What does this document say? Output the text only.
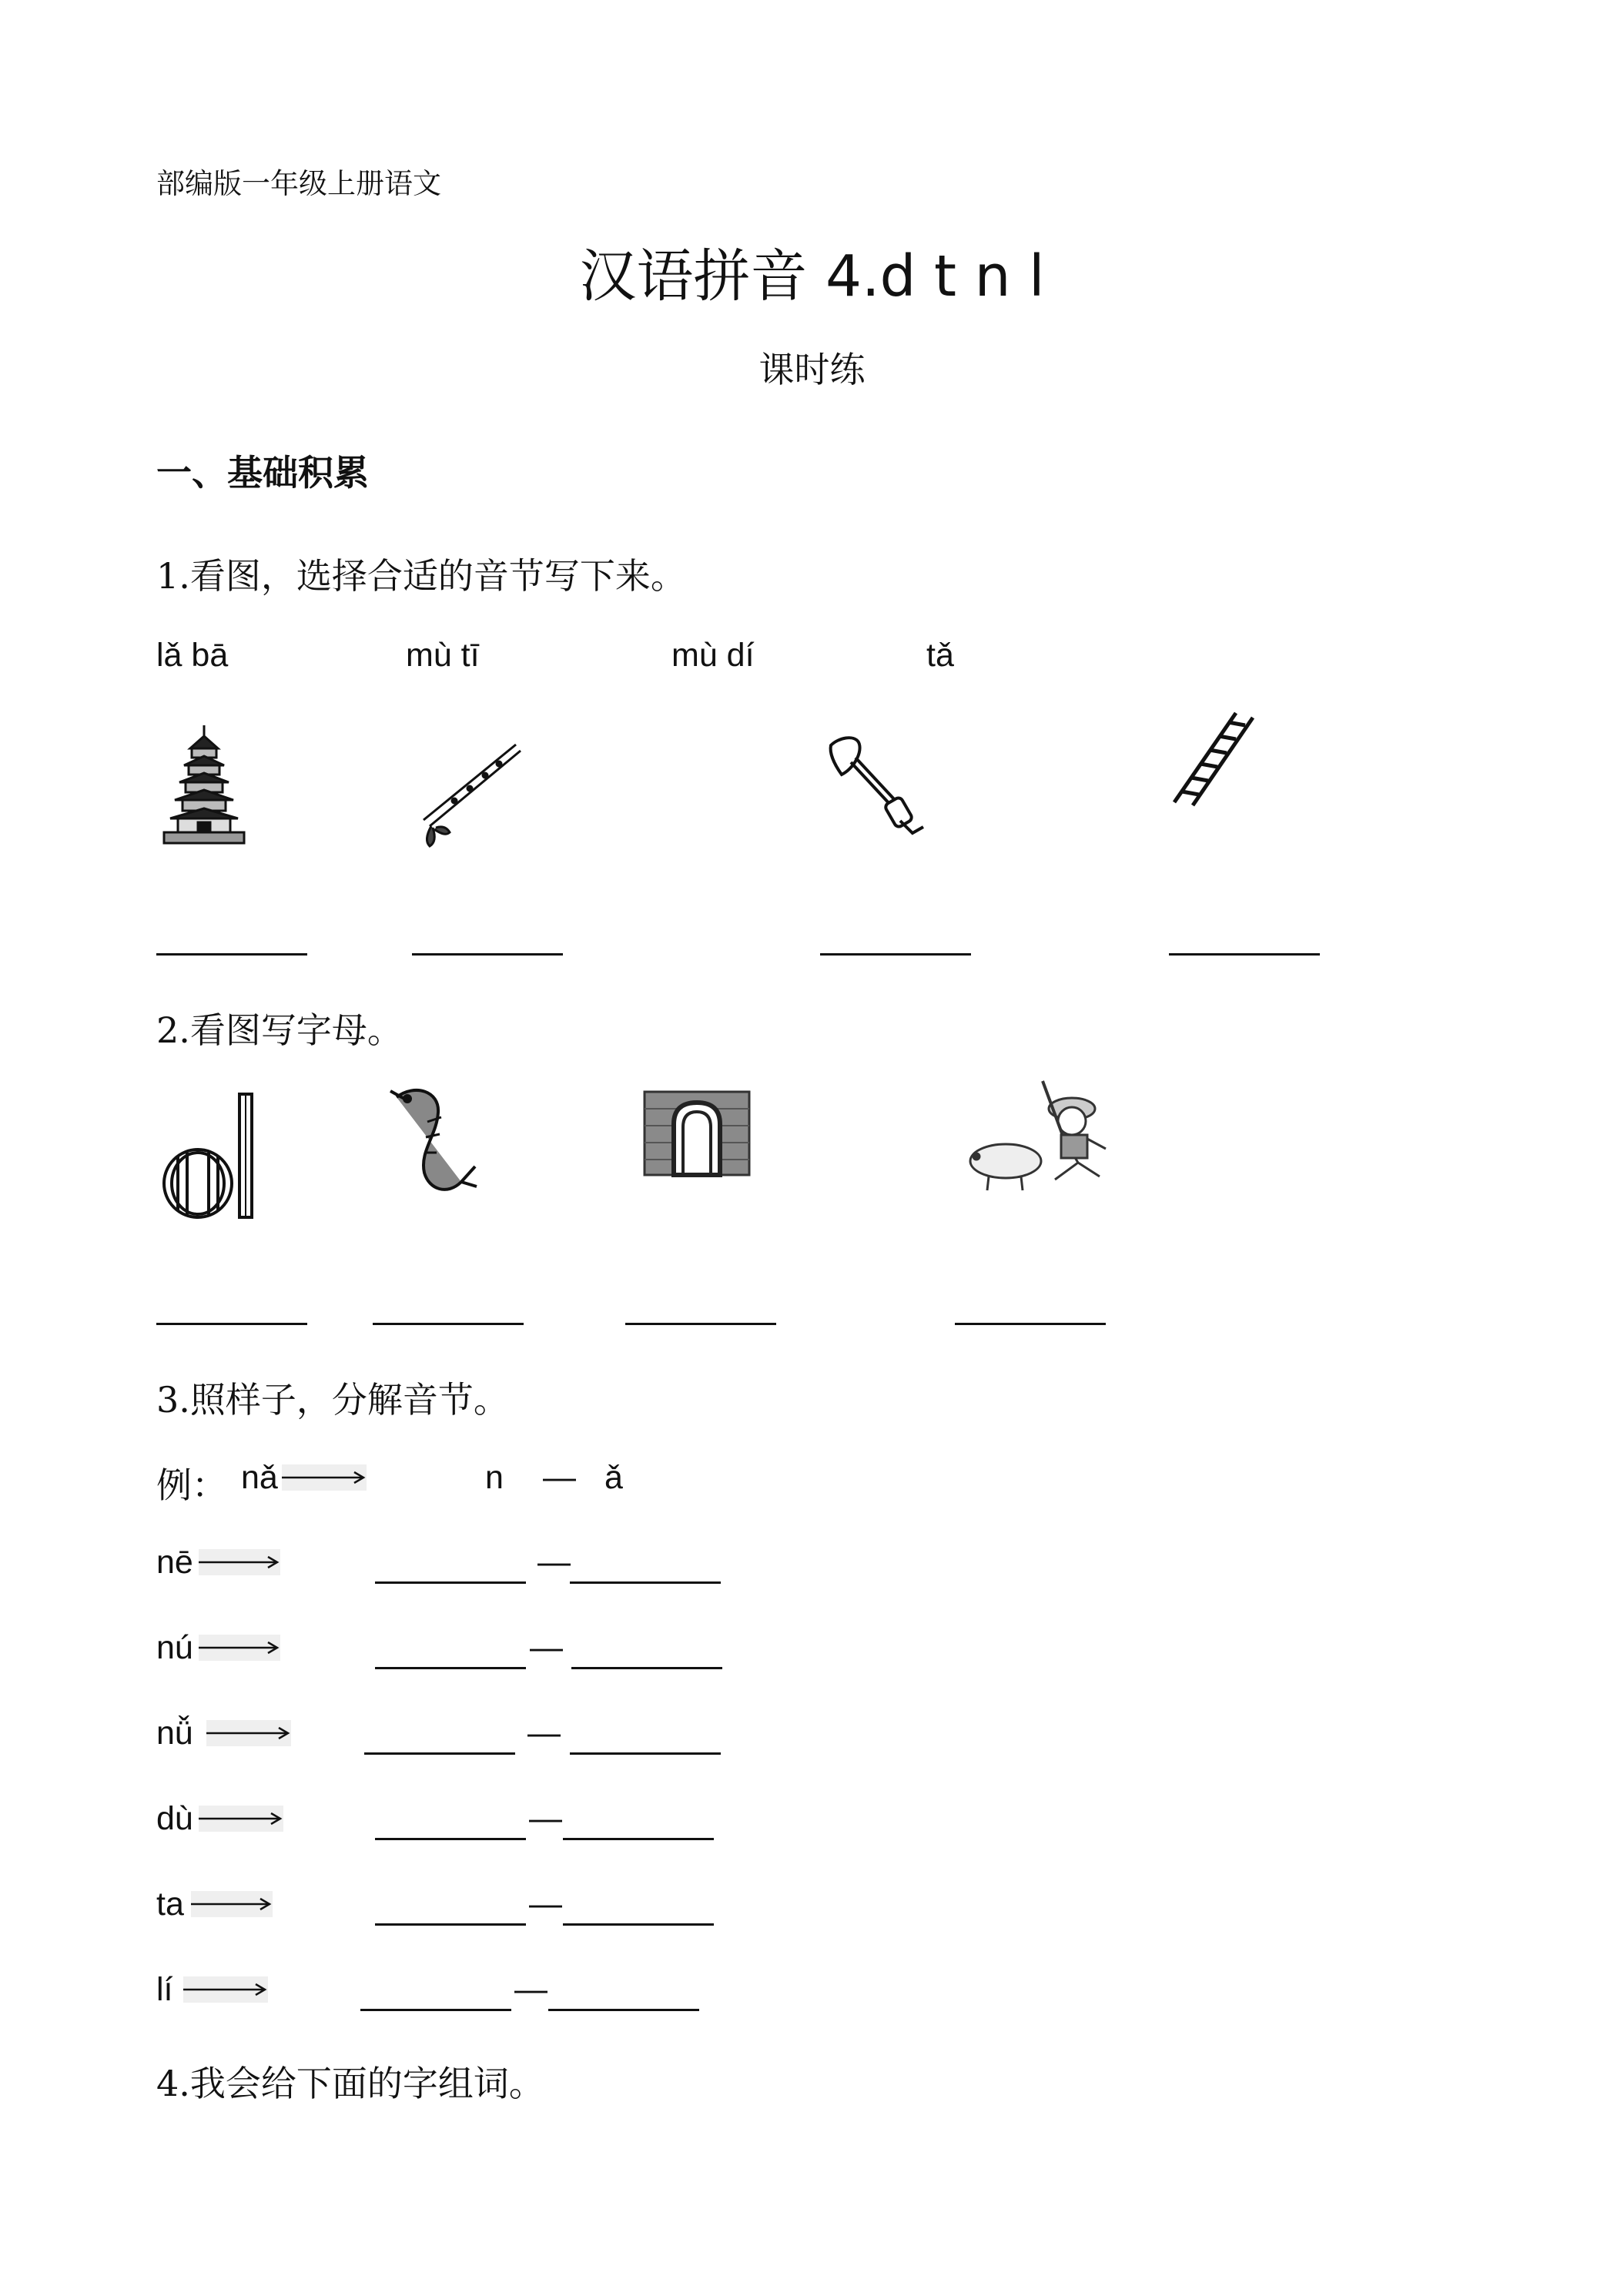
部编版一年级上册语文
汉语拼音 4.d t n l
课时练
一、基础积累
1.看图，选择合适的音节写下来。
lǎ bā	mù tī	mù dí	tǎ
2.看图写字母。
3.照样子，分解音节。
例： nǎ	n — ǎ
nē	—
nú	—
nǚ	—
dù	—
ta	—
lí	—
4.我会给下面的字组词。
